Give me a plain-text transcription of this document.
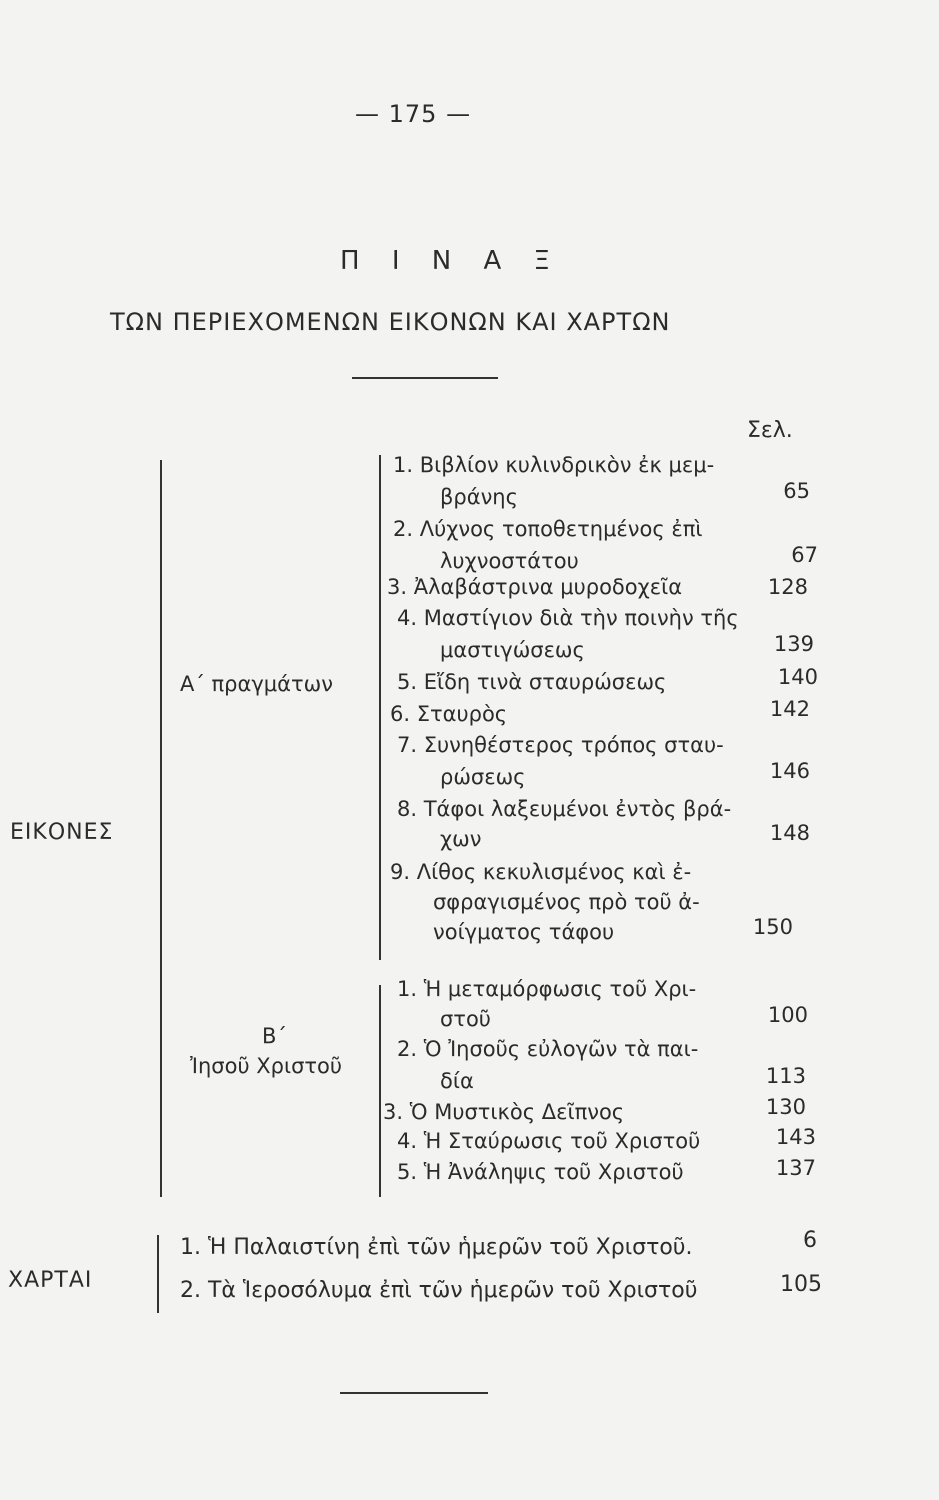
— 175 —
Π Ι Ν Α Ξ
ΤΩΝ ΠΕΡΙΕΧΟΜΕΝΩΝ ΕΙΚΟΝΩΝ ΚΑΙ ΧΑΡΤΩΝ
Σελ.
ΕΙΚΟΝΕΣ
ΧΑΡΤΑΙ
Α΄ πραγμάτων
Β΄
Ἰησοῦ Χριστοῦ
1. Βιβλίον κυλινδρικὸν ἐκ μεμ-
βράνης	65
2. Λύχνος τοποθετημένος ἐπὶ
λυχνοστάτου	67
3. Ἀλαβάστρινα μυροδοχεῖα	128
4. Μαστίγιον διὰ τὴν ποινὴν τῆς
μαστιγώσεως	139
5. Εἴδη τινὰ σταυρώσεως	140
6. Σταυρὸς	142
7. Συνηθέστερος τρόπος σταυ-
ρώσεως	146
8. Τάφοι λαξευμένοι ἐντὸς βρά-
χων	148
9. Λίθος κεκυλισμένος καὶ ἐ-
σφραγισμένος πρὸ τοῦ ἀ-
νοίγματος τάφου	150
1. Ἡ μεταμόρφωσις τοῦ Χρι-
στοῦ	100
2. Ὁ Ἰησοῦς εὐλογῶν τὰ παι-
δία	113
3. Ὁ Μυστικὸς Δεῖπνος	130
4. Ἡ Σταύρωσις τοῦ Χριστοῦ	143
5. Ἡ Ἀνάληψις τοῦ Χριστοῦ	137
1. Ἡ Παλαιστίνη ἐπὶ τῶν ἡμερῶν τοῦ Χριστοῦ.	6
2. Τὰ Ἱεροσόλυμα ἐπὶ τῶν ἡμερῶν τοῦ Χριστοῦ	105
